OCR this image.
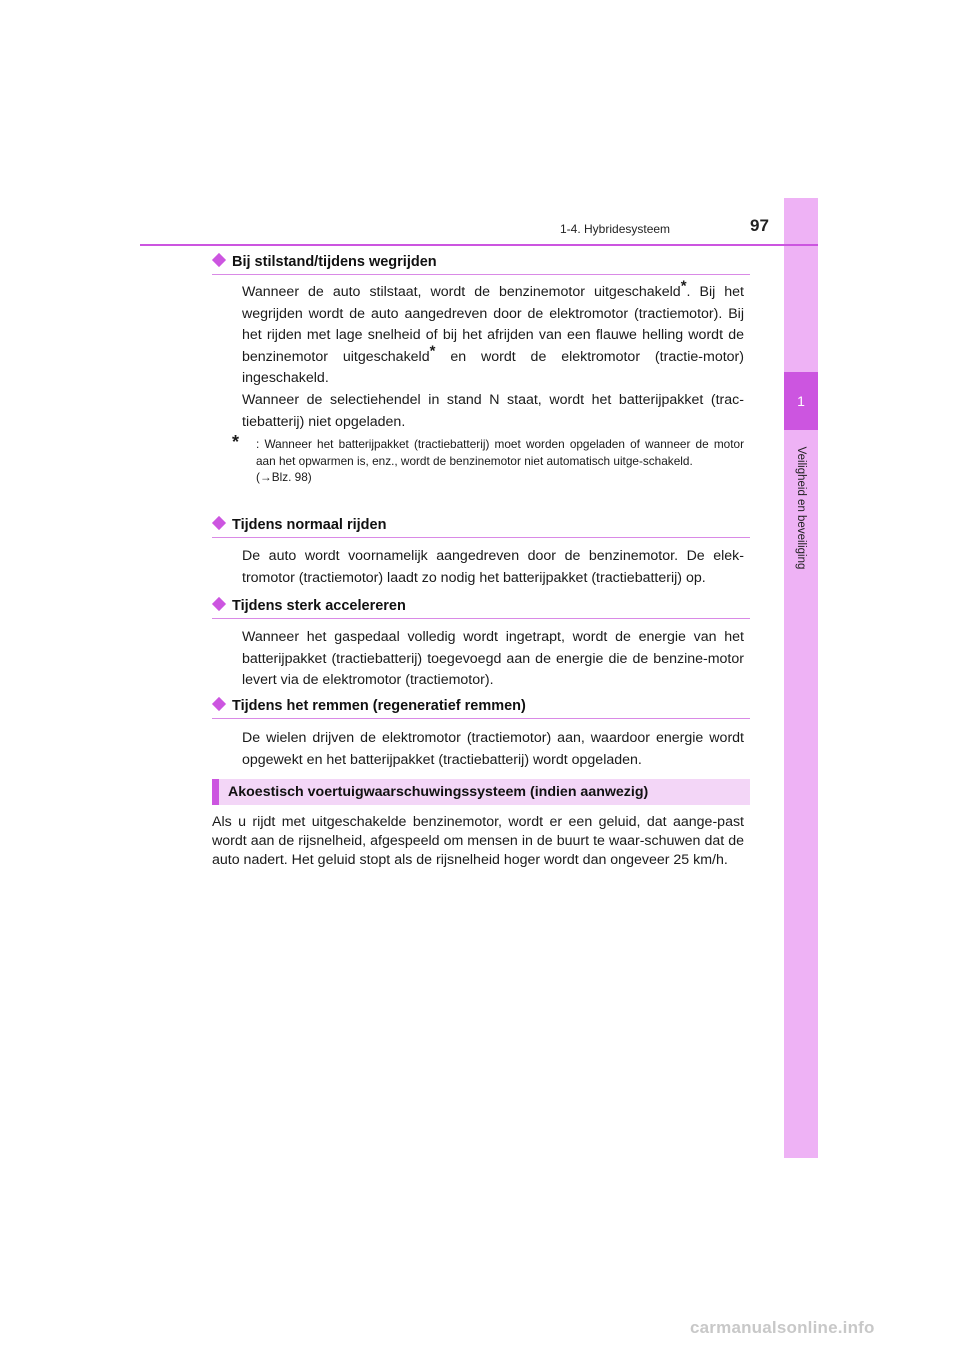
1
Veiligheid en beveiliging
1-4. Hybridesysteem	97
Bij stilstand/tijdens wegrijden

Wanneer de auto stilstaat, wordt de benzinemotor uitgeschakeld*. Bij het wegrijden wordt de auto aangedreven door de elektromotor (tractiemotor). Bij het rijden met lage snelheid of bij het afrijden van een flauwe helling wordt de benzinemotor uitgeschakeld* en wordt de elektromotor (tractie-motor) ingeschakeld.

Wanneer de selectiehendel in stand N staat, wordt het batterijpakket (trac-tiebatterij) niet opgeladen.

* : Wanneer het batterijpakket (tractiebatterij) moet worden opgeladen of wanneer de motor aan het opwarmen is, enz., wordt de benzinemotor niet automatisch uitge-schakeld.
(→Blz. 98)

Tijdens normaal rijden

De auto wordt voornamelijk aangedreven door de benzinemotor. De elek-tromotor (tractiemotor) laadt zo nodig het batterijpakket (tractiebatterij) op.

Tijdens sterk accelereren

Wanneer het gaspedaal volledig wordt ingetrapt, wordt de energie van het batterijpakket (tractiebatterij) toegevoegd aan de energie die de benzine-motor levert via de elektromotor (tractiemotor).

Tijdens het remmen (regeneratief remmen)

De wielen drijven de elektromotor (tractiemotor) aan, waardoor energie wordt opgewekt en het batterijpakket (tractiebatterij) wordt opgeladen.

Akoestisch voertuigwaarschuwingssysteem (indien aanwezig)

Als u rijdt met uitgeschakelde benzinemotor, wordt er een geluid, dat aange-past wordt aan de rijsnelheid, afgespeeld om mensen in de buurt te waar-schuwen dat de auto nadert. Het geluid stopt als de rijsnelheid hoger wordt dan ongeveer 25 km/h.

carmanualsonline.info
